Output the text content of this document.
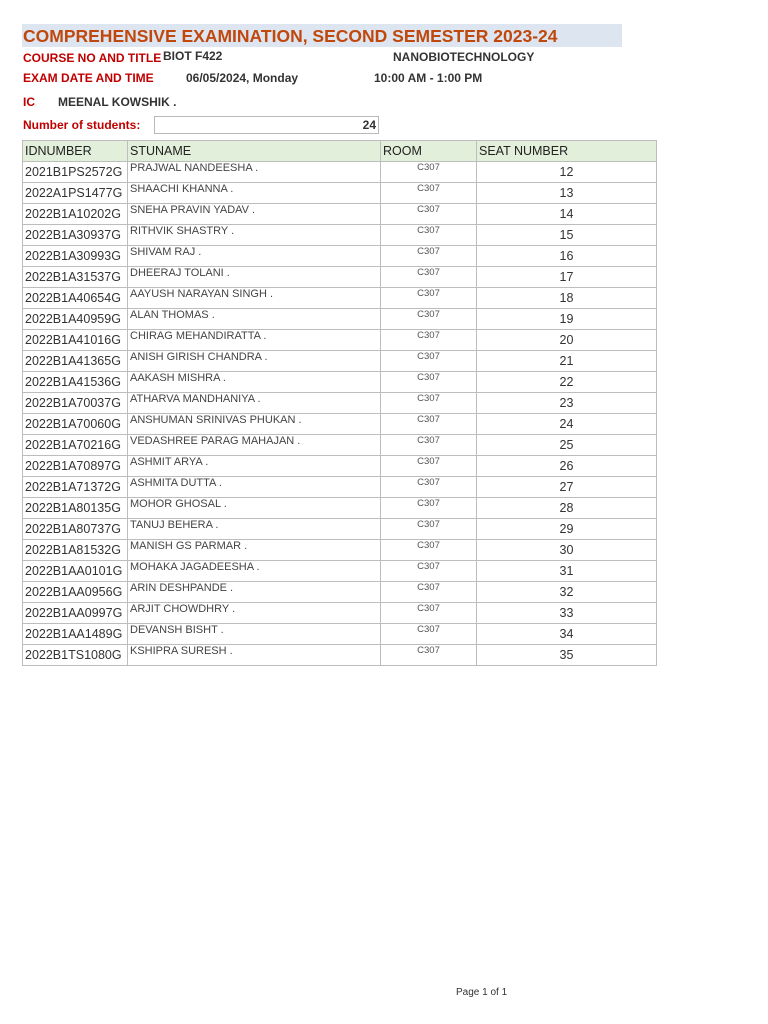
COMPREHENSIVE EXAMINATION, SECOND SEMESTER 2023-24
COURSE NO AND TITLE BIOT F422	NANOBIOTECHNOLOGY
EXAM DATE AND TIME	06/05/2024, Monday	10:00 AM - 1:00 PM
IC MEENAL KOWSHIK .
Number of students:	24
IDNUMBER	STUNAME	ROOM	SEAT NUMBER
2021B1PS2572G	PRAJWAL NANDEESHA .	C307	12
2022A1PS1477G	SHAACHI KHANNA .	C307	13
2022B1A10202G	SNEHA PRAVIN YADAV .	C307	14
2022B1A30937G	RITHVIK SHASTRY .	C307	15
2022B1A30993G	SHIVAM RAJ .	C307	16
2022B1A31537G	DHEERAJ TOLANI .	C307	17
2022B1A40654G	AAYUSH NARAYAN SINGH .	C307	18
2022B1A40959G	ALAN THOMAS .	C307	19
2022B1A41016G	CHIRAG MEHANDIRATTA .	C307	20
2022B1A41365G	ANISH GIRISH CHANDRA .	C307	21
2022B1A41536G	AAKASH MISHRA .	C307	22
2022B1A70037G	ATHARVA MANDHANIYA .	C307	23
2022B1A70060G	ANSHUMAN SRINIVAS PHUKAN .	C307	24
2022B1A70216G	VEDASHREE PARAG MAHAJAN .	C307	25
2022B1A70897G	ASHMIT ARYA .	C307	26
2022B1A71372G	ASHMITA DUTTA .	C307	27
2022B1A80135G	MOHOR GHOSAL .	C307	28
2022B1A80737G	TANUJ BEHERA .	C307	29
2022B1A81532G	MANISH GS PARMAR .	C307	30
2022B1AA0101G	MOHAKA JAGADEESHA .	C307	31
2022B1AA0956G	ARIN DESHPANDE .	C307	32
2022B1AA0997G	ARJIT CHOWDHRY .	C307	33
2022B1AA1489G	DEVANSH BISHT .	C307	34
2022B1TS1080G	KSHIPRA SURESH .	C307	35
Page 1 of 1
